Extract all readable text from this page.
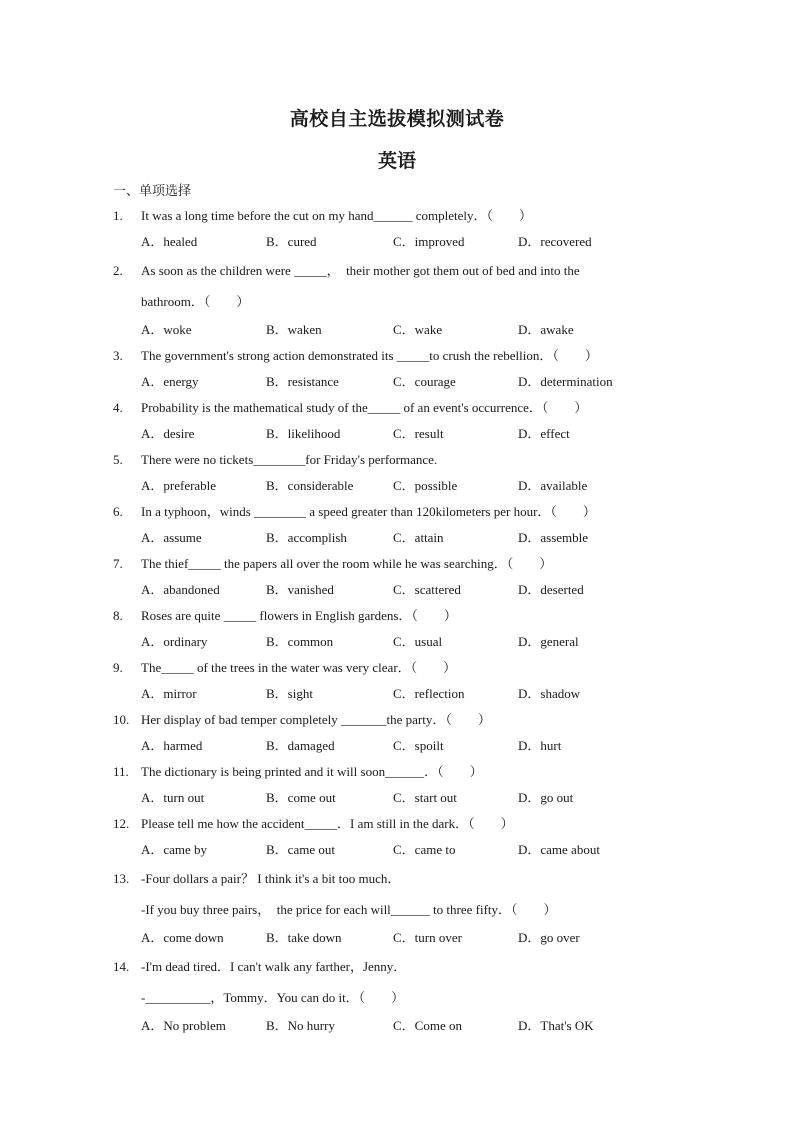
高校自主选拔模拟测试卷
英语
一、单项选择
1.	It was a long time before the cut on my hand______ completely．（　　）
A．healed	B．cured	C．improved	D．recovered
2.	As soon as the children were _____，　their mother got them out of bed and into the
bathroom．（　　）
A．woke	B．waken	C．wake	D．awake
3.	The government's strong action demonstrated its _____to crush the rebellion．（　　）
A．energy	B．resistance	C．courage	D．determination
4.	Probability is the mathematical study of the_____ of an event's occurrence．（　　）
A．desire	B．likelihood	C．result	D．effect
5.	There were no tickets________for Friday's performance.
A．preferable	B．considerable	C．possible	D．available
6.	In a typhoon，winds ________ a speed greater than 120kilometers per hour．（　　）
A．assume	B．accomplish	C．attain	D．assemble
7.	The thief_____ the papers all over the room while he was searching．（　　）
A．abandoned	B．vanished	C．scattered	D．deserted
8.	Roses are quite _____ flowers in English gardens．（　　）
A．ordinary	B．common	C．usual	D．general
9.	The_____ of the trees in the water was very clear．（　　）
A．mirror	B．sight	C．reflection	D．shadow
10. Her display of bad temper completely _______the party．（　　）
A．harmed	B．damaged	C．spoilt	D．hurt
11. The dictionary is being printed and it will soon______．（　　）
A．turn out	B．come out	C．start out	D．go out
12. Please tell me how the accident_____．I am still in the dark．（　　）
A．came by	B．came out	C．came to	D．came about
13. -Four dollars a pair？ I think it's a bit too much．
-If you buy three pairs，　the price for each will______ to three fifty．（　　）
A．come down	B．take down	C．turn over	D．go over
14. -I'm dead tired．I can't walk any farther，Jenny．
-__________，Tommy．You can do it．（　　）
A．No problem	B．No hurry	C．Come on	D．That's OK
